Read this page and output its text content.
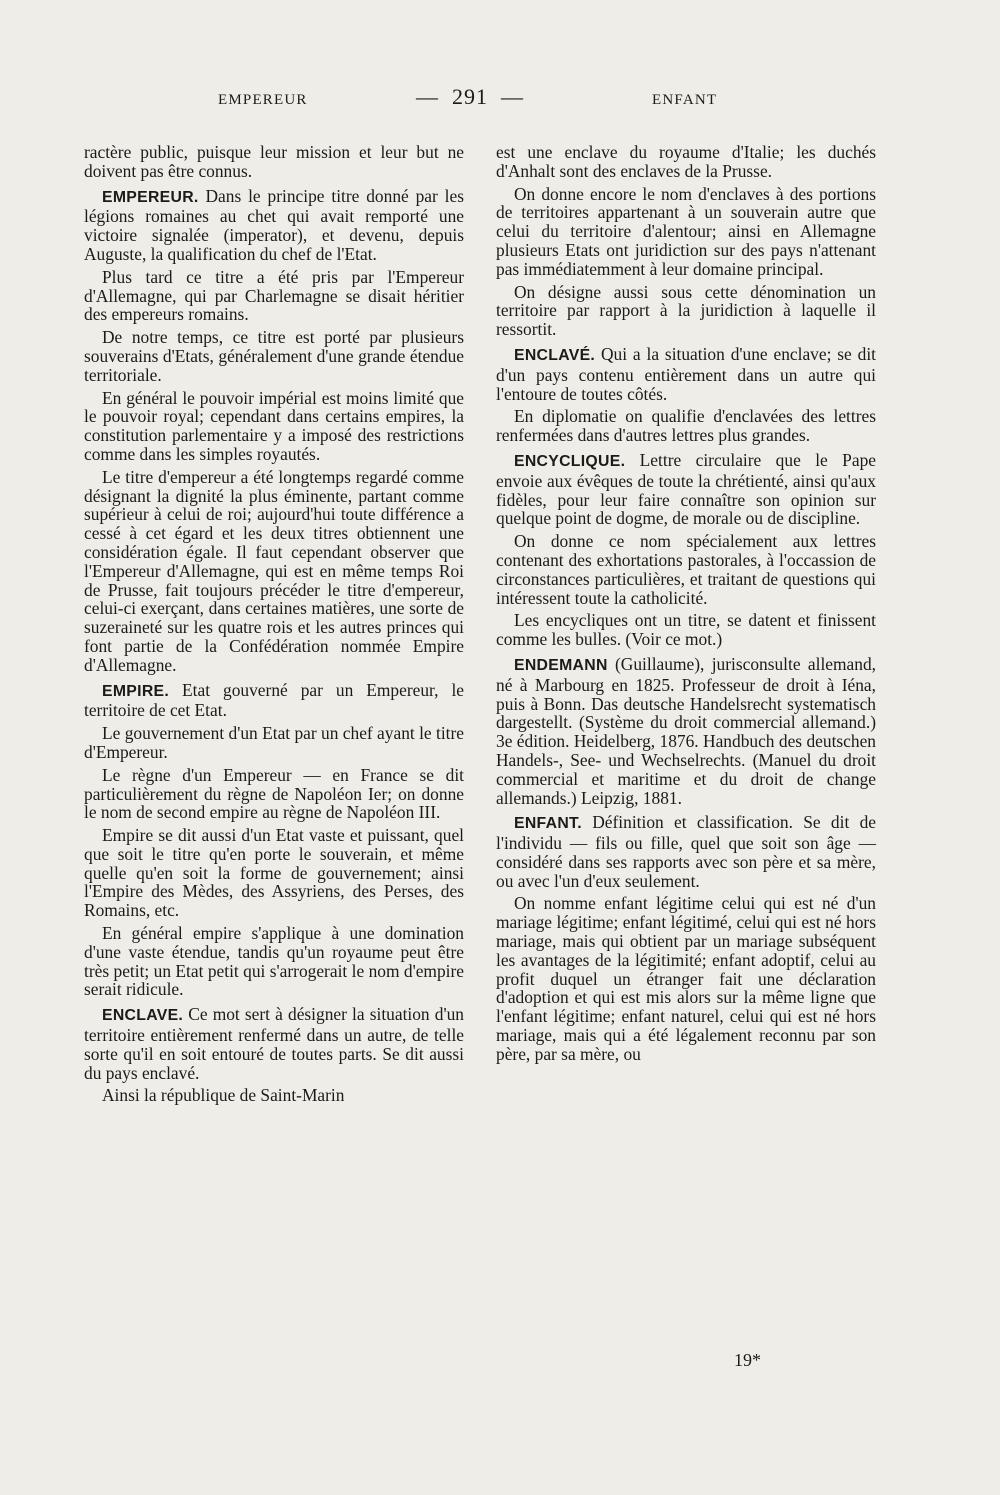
EMPEREUR	—  291  —	ENFANT

ractère public, puisque leur mission et leur but ne doivent pas être connus.

EMPEREUR. Dans le principe titre donné par les légions romaines au chet qui avait remporté une victoire signalée (imperator), et devenu, depuis Auguste, la qualification du chef de l'Etat.

Plus tard ce titre a été pris par l'Empereur d'Allemagne, qui par Charlemagne se disait héritier des empereurs romains.

De notre temps, ce titre est porté par plusieurs souverains d'Etats, généralement d'une grande étendue territoriale.

En général le pouvoir impérial est moins limité que le pouvoir royal; cependant dans certains empires, la constitution parlementaire y a imposé des restrictions comme dans les simples royautés.

Le titre d'empereur a été longtemps regardé comme désignant la dignité la plus éminente, partant comme supérieur à celui de roi; aujourd'hui toute différence a cessé à cet égard et les deux titres obtiennent une considération égale. Il faut cependant observer que l'Empereur d'Allemagne, qui est en même temps Roi de Prusse, fait toujours précéder le titre d'empereur, celui-ci exerçant, dans certaines matières, une sorte de suzeraineté sur les quatre rois et les autres princes qui font partie de la Confédération nommée Empire d'Allemagne.

EMPIRE. Etat gouverné par un Empereur, le territoire de cet Etat.

Le gouvernement d'un Etat par un chef ayant le titre d'Empereur.

Le règne d'un Empereur — en France se dit particulièrement du règne de Napoléon Ier; on donne le nom de second empire au règne de Napoléon III.

Empire se dit aussi d'un Etat vaste et puissant, quel que soit le titre qu'en porte le souverain, et même quelle qu'en soit la forme de gouvernement; ainsi l'Empire des Mèdes, des Assyriens, des Perses, des Romains, etc.

En général empire s'applique à une domination d'une vaste étendue, tandis qu'un royaume peut être très petit; un Etat petit qui s'arrogerait le nom d'empire serait ridicule.

ENCLAVE. Ce mot sert à désigner la situation d'un territoire entièrement renfermé dans un autre, de telle sorte qu'il en soit entouré de toutes parts. Se dit aussi du pays enclavé.

Ainsi la république de Saint-Marin

est une enclave du royaume d'Italie; les duchés d'Anhalt sont des enclaves de la Prusse.

On donne encore le nom d'enclaves à des portions de territoires appartenant à un souverain autre que celui du territoire d'alentour; ainsi en Allemagne plusieurs Etats ont juridiction sur des pays n'attenant pas immédiatemment à leur domaine principal.

On désigne aussi sous cette dénomination un territoire par rapport à la juridiction à laquelle il ressortit.

ENCLAVÉ. Qui a la situation d'une enclave; se dit d'un pays contenu entièrement dans un autre qui l'entoure de toutes côtés.

En diplomatie on qualifie d'enclavées des lettres renfermées dans d'autres lettres plus grandes.

ENCYCLIQUE. Lettre circulaire que le Pape envoie aux évêques de toute la chrétienté, ainsi qu'aux fidèles, pour leur faire connaître son opinion sur quelque point de dogme, de morale ou de discipline.

On donne ce nom spécialement aux lettres contenant des exhortations pastorales, à l'occassion de circonstances particulières, et traitant de questions qui intéressent toute la catholicité.

Les encycliques ont un titre, se datent et finissent comme les bulles. (Voir ce mot.)

ENDEMANN (Guillaume), jurisconsulte allemand, né à Marbourg en 1825. Professeur de droit à Iéna, puis à Bonn. Das deutsche Handelsrecht systematisch dargestellt. (Système du droit commercial allemand.) 3e édition. Heidelberg, 1876. Handbuch des deutschen Handels-, See- und Wechselrechts. (Manuel du droit commercial et maritime et du droit de change allemands.) Leipzig, 1881.

ENFANT. Définition et classification. Se dit de l'individu — fils ou fille, quel que soit son âge — considéré dans ses rapports avec son père et sa mère, ou avec l'un d'eux seulement.

On nomme enfant légitime celui qui est né d'un mariage légitime; enfant légitimé, celui qui est né hors mariage, mais qui obtient par un mariage subséquent les avantages de la légitimité; enfant adoptif, celui au profit duquel un étranger fait une déclaration d'adoption et qui est mis alors sur la même ligne que l'enfant légitime; enfant naturel, celui qui est né hors mariage, mais qui a été légalement reconnu par son père, par sa mère, ou

19*
